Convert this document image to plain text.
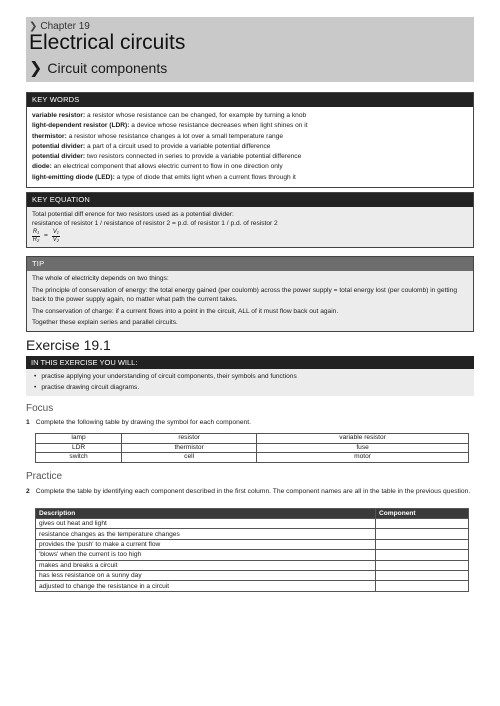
❯ Chapter 19
Electrical circuits
❯ Circuit components
KEY WORDS
variable resistor: a resistor whose resistance can be changed, for example by turning a knob
light-dependent resistor (LDR): a device whose resistance decreases when light shines on it
thermistor: a resistor whose resistance changes a lot over a small temperature range
potential divider: a part of a circuit used to provide a variable potential difference
potential divider: two resistors connected in series to provide a variable potential difference
diode: an electrical component that allows electric current to flow in one direction only
light-emitting diode (LED): a type of diode that emits light when a current flows through it
KEY EQUATION
Total potential diff erence for two resistors used as a potential divider:
resistance of resistor 1 / resistance of resistor 2 = p.d. of resistor 1 / p.d. of resistor 2
$\frac{\text{R₁}}{\text{R₂}} = \frac{\text{V₁}}{\text{V₂}}$
TIP
The whole of electricity depends on two things:
The principle of conservation of energy: the total energy gained (per coulomb) across the power supply = total energy lost (per coulomb) in getting back to the power supply again, no matter what path the current takes.
The conservation of charge: if a current flows into a point in the circuit, ALL of it must flow back out again.
Together these explain series and parallel circuits.
Exercise 19.1
IN THIS EXERCISE YOU WILL:
• practise applying your understanding of circuit components, their symbols and functions
• practise drawing circuit diagrams.
Focus
1 Complete the following table by drawing the symbol for each component.
lamp	resistor	variable resistor
LDR	thermistor	fuse
switch	cell	motor
Practice
2 Complete the table by identifying each component described in the first column. The component names are all in the table in the previous question.
Description	Component
gives out heat and light	
resistance changes as the temperature changes	
provides the 'push' to make a current flow	
'blows' when the current is too high	
makes and breaks a circuit	
has less resistance on a sunny day	
adjusted to change the resistance in a circuit	
